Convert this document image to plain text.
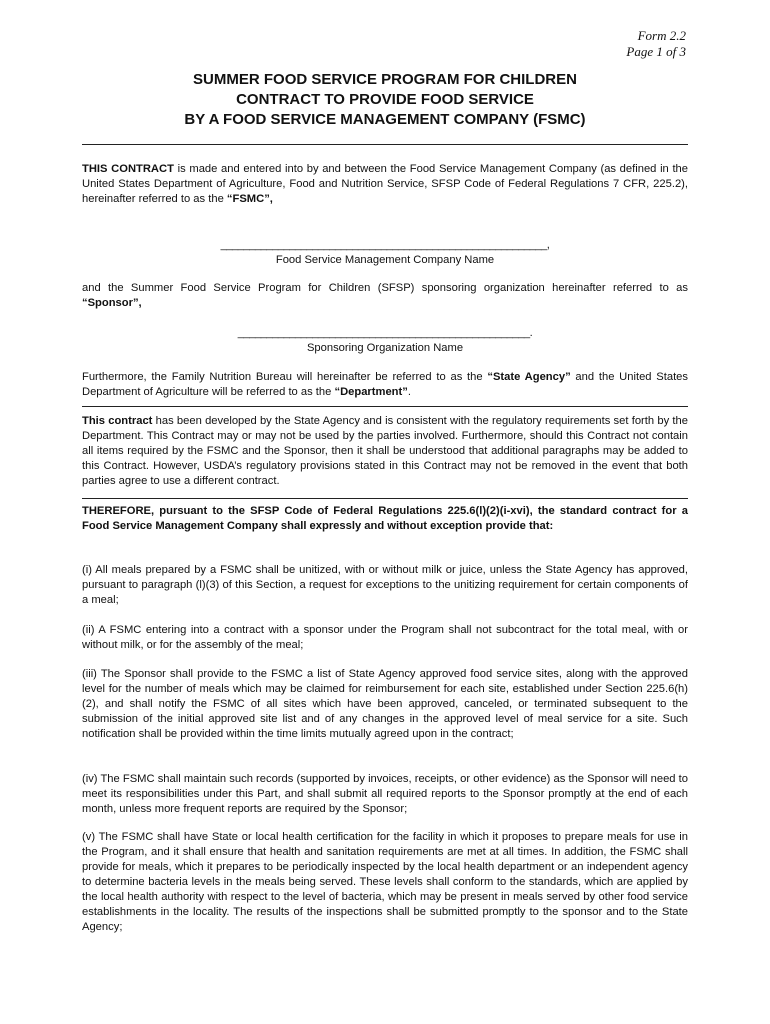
Form 2.2
Page 1 of 3
SUMMER FOOD SERVICE PROGRAM FOR CHILDREN
CONTRACT TO PROVIDE FOOD SERVICE
BY A FOOD SERVICE MANAGEMENT COMPANY (FSMC)

THIS CONTRACT is made and entered into by and between the Food Service Management Company (as defined in the United States Department of Agriculture, Food and Nutrition Service, SFSP Code of Federal Regulations 7 CFR, 225.2), hereinafter referred to as the “FSMC”,

_________________________________________________________,
Food Service Management Company Name

and the Summer Food Service Program for Children (SFSP) sponsoring organization hereinafter referred to as “Sponsor”,

___________________________________________________.
Sponsoring Organization Name

Furthermore, the Family Nutrition Bureau will hereinafter be referred to as the “State Agency” and the United States Department of Agriculture will be referred to as the “Department”.

This contract has been developed by the State Agency and is consistent with the regulatory requirements set forth by the Department. This Contract may or may not be used by the parties involved. Furthermore, should this Contract not contain all items required by the FSMC and the Sponsor, then it shall be understood that additional paragraphs may be added to this Contract. However, USDA’s regulatory provisions stated in this Contract may not be removed in the event that both parties agree to use a different contract.

THEREFORE, pursuant to the SFSP Code of Federal Regulations 225.6(l)(2)(i-xvi), the standard contract for a Food Service Management Company shall expressly and without exception provide that:

(i) All meals prepared by a FSMC shall be unitized, with or without milk or juice, unless the State Agency has approved, pursuant to paragraph (l)(3) of this Section, a request for exceptions to the unitizing requirement for certain components of a meal;

(ii) A FSMC entering into a contract with a sponsor under the Program shall not subcontract for the total meal, with or without milk, or for the assembly of the meal;

(iii) The Sponsor shall provide to the FSMC a list of State Agency approved food service sites, along with the approved level for the number of meals which may be claimed for reimbursement for each site, established under Section 225.6(h)(2), and shall notify the FSMC of all sites which have been approved, canceled, or terminated subsequent to the submission of the initial approved site list and of any changes in the approved level of meal service for a site. Such notification shall be provided within the time limits mutually agreed upon in the contract;

(iv) The FSMC shall maintain such records (supported by invoices, receipts, or other evidence) as the Sponsor will need to meet its responsibilities under this Part, and shall submit all required reports to the Sponsor promptly at the end of each month, unless more frequent reports are required by the Sponsor;

(v) The FSMC shall have State or local health certification for the facility in which it proposes to prepare meals for use in the Program, and it shall ensure that health and sanitation requirements are met at all times. In addition, the FSMC shall provide for meals, which it prepares to be periodically inspected by the local health department or an independent agency to determine bacteria levels in the meals being served. These levels shall conform to the standards, which are applied by the local health authority with respect to the level of bacteria, which may be present in meals served by other food service establishments in the locality. The results of the inspections shall be submitted promptly to the sponsor and to the State Agency;
